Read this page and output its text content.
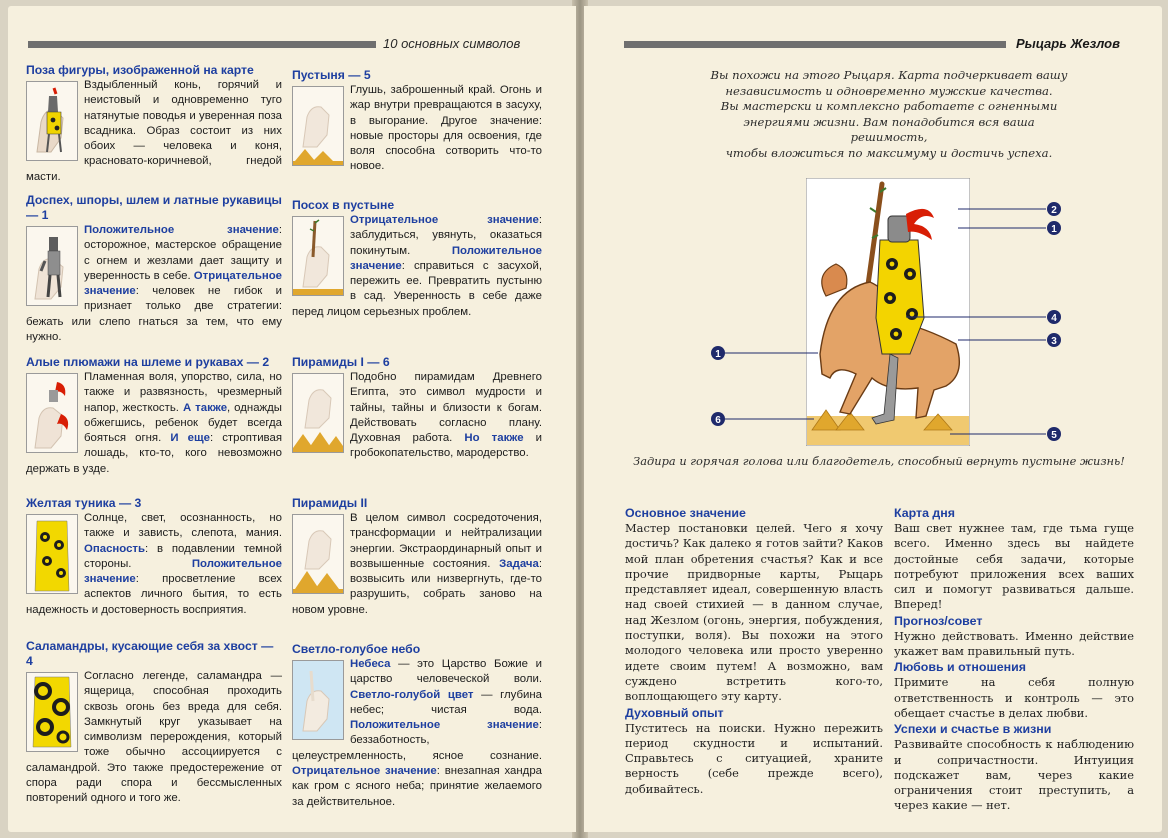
10 основных символов
Поза фигуры, изображенной на карте

Вздыбленный конь, горячий и неистовый и одновременно туго натянутые поводья и уверенная поза всадника. Образ состоит из них обоих — человека и коня, красновато-коричневой, гнедой масти.

Доспех, шпоры, шлем и латные рукавицы — 1

Положительное значение: осторожное, мастерское обращение с огнем и жезлами дает защиту и уверенность в себе. Отрицательное значение: человек не гибок и признает только две стратегии: бежать или слепо гнаться за тем, что ему нужно.

Алые плюмажи на шлеме и рукавах — 2

Пламенная воля, упорство, сила, но также и развязность, чрезмерный напор, жесткость. А также, однажды обжегшись, ребенок будет всегда бояться огня. И еще: строптивая лошадь, кто-то, кого невозможно держать в узде.

Желтая туника — 3

Солнце, свет, осознанность, но также и зависть, слепота, мания. Опасность: в подавлении темной стороны. Положительное значение: просветление всех аспектов личного бытия, то есть надежность и достоверность восприятия.

Саламандры, кусающие себя за хвост — 4

Согласно легенде, саламандра — ящерица, способная проходить сквозь огонь без вреда для себя. Замкнутый круг указывает на символизм перерождения, который тоже обычно ассоциируется с саламандрой. Это также предостережение от спора ради спора и бессмысленных повторений одного и того же.

Пустыня — 5

Глушь, заброшенный край. Огонь и жар внутри превращаются в засуху, в выгорание. Другое значение: новые просторы для освоения, где воля способна сотворить что-то новое.

Посох в пустыне

Отрицательное значение: заблудиться, увянуть, оказаться покинутым. Положительное значение: справиться с засухой, пережить ее. Превратить пустыню в сад. Уверенность в себе даже перед лицом серьезных проблем.

Пирамиды I — 6

Подобно пирамидам Древнего Египта, это символ мудрости и тайны, тайны и близости к богам. Действовать согласно плану. Духовная работа. Но также и гробокопательство, мародерство.

Пирамиды II

В целом символ сосредоточения, трансформации и нейтрализации энергии. Экстраординарный опыт и возвышенные состояния. Задача: возвысить или низвергнуть, где-то разрушить, собрать заново на новом уровне.

Светло-голубое небо

Небеса — это Царство Божие и царство человеческой воли. Светло-голубой цвет — глубина небес; чистая вода. Положительное значение: беззаботность, целеустремленность, ясное сознание. Отрицательное значение: внезапная хандра как гром с ясного неба; принятие желаемого за действительное.

Рыцарь Жезлов
Вы похожи на этого Рыцаря. Карта подчеркивает вашу
независимость и одновременно мужские качества.
Вы мастерски и комплексно работаете с огненными
энергиями жизни. Вам понадобится вся ваша решимость,
чтобы вложиться по максимуму и достичь успеха.
2
1
4
3
1
6
5
Задира и горячая голова или благодетель, способный вернуть пустыне жизнь!
Основное значение

Мастер постановки целей. Чего я хочу достичь? Как далеко я готов зайти? Каков мой план обретения счастья? Как и все прочие придворные карты, Рыцарь представляет идеал, совершенную власть над своей стихией — в данном случае, над Жезлом (огонь, энергия, побуждения, поступки, воля). Вы похожи на этого молодого человека или просто уверенно идете своим путем! А возможно, вам суждено встретить кого-то, воплощающего эту карту.

Духовный опыт

Пуститесь на поиски. Нужно пережить период скудности и испытаний. Справьтесь с ситуацией, храните верность (себе прежде всего), добивайтесь.

Карта дня

Ваш свет нужнее там, где тьма гуще всего. Именно здесь вы найдете достойные себя задачи, которые потребуют приложения всех ваших сил и помогут развиваться дальше. Вперед!

Прогноз/совет

Нужно действовать. Именно действие укажет вам правильный путь.

Любовь и отношения

Примите на себя полную ответственность и контроль — это обещает счастье в делах любви.

Успехи и счастье в жизни

Развивайте способность к наблюдению и сопричастности. Интуиция подскажет вам, через какие ограничения стоит преступить, а через какие — нет.
